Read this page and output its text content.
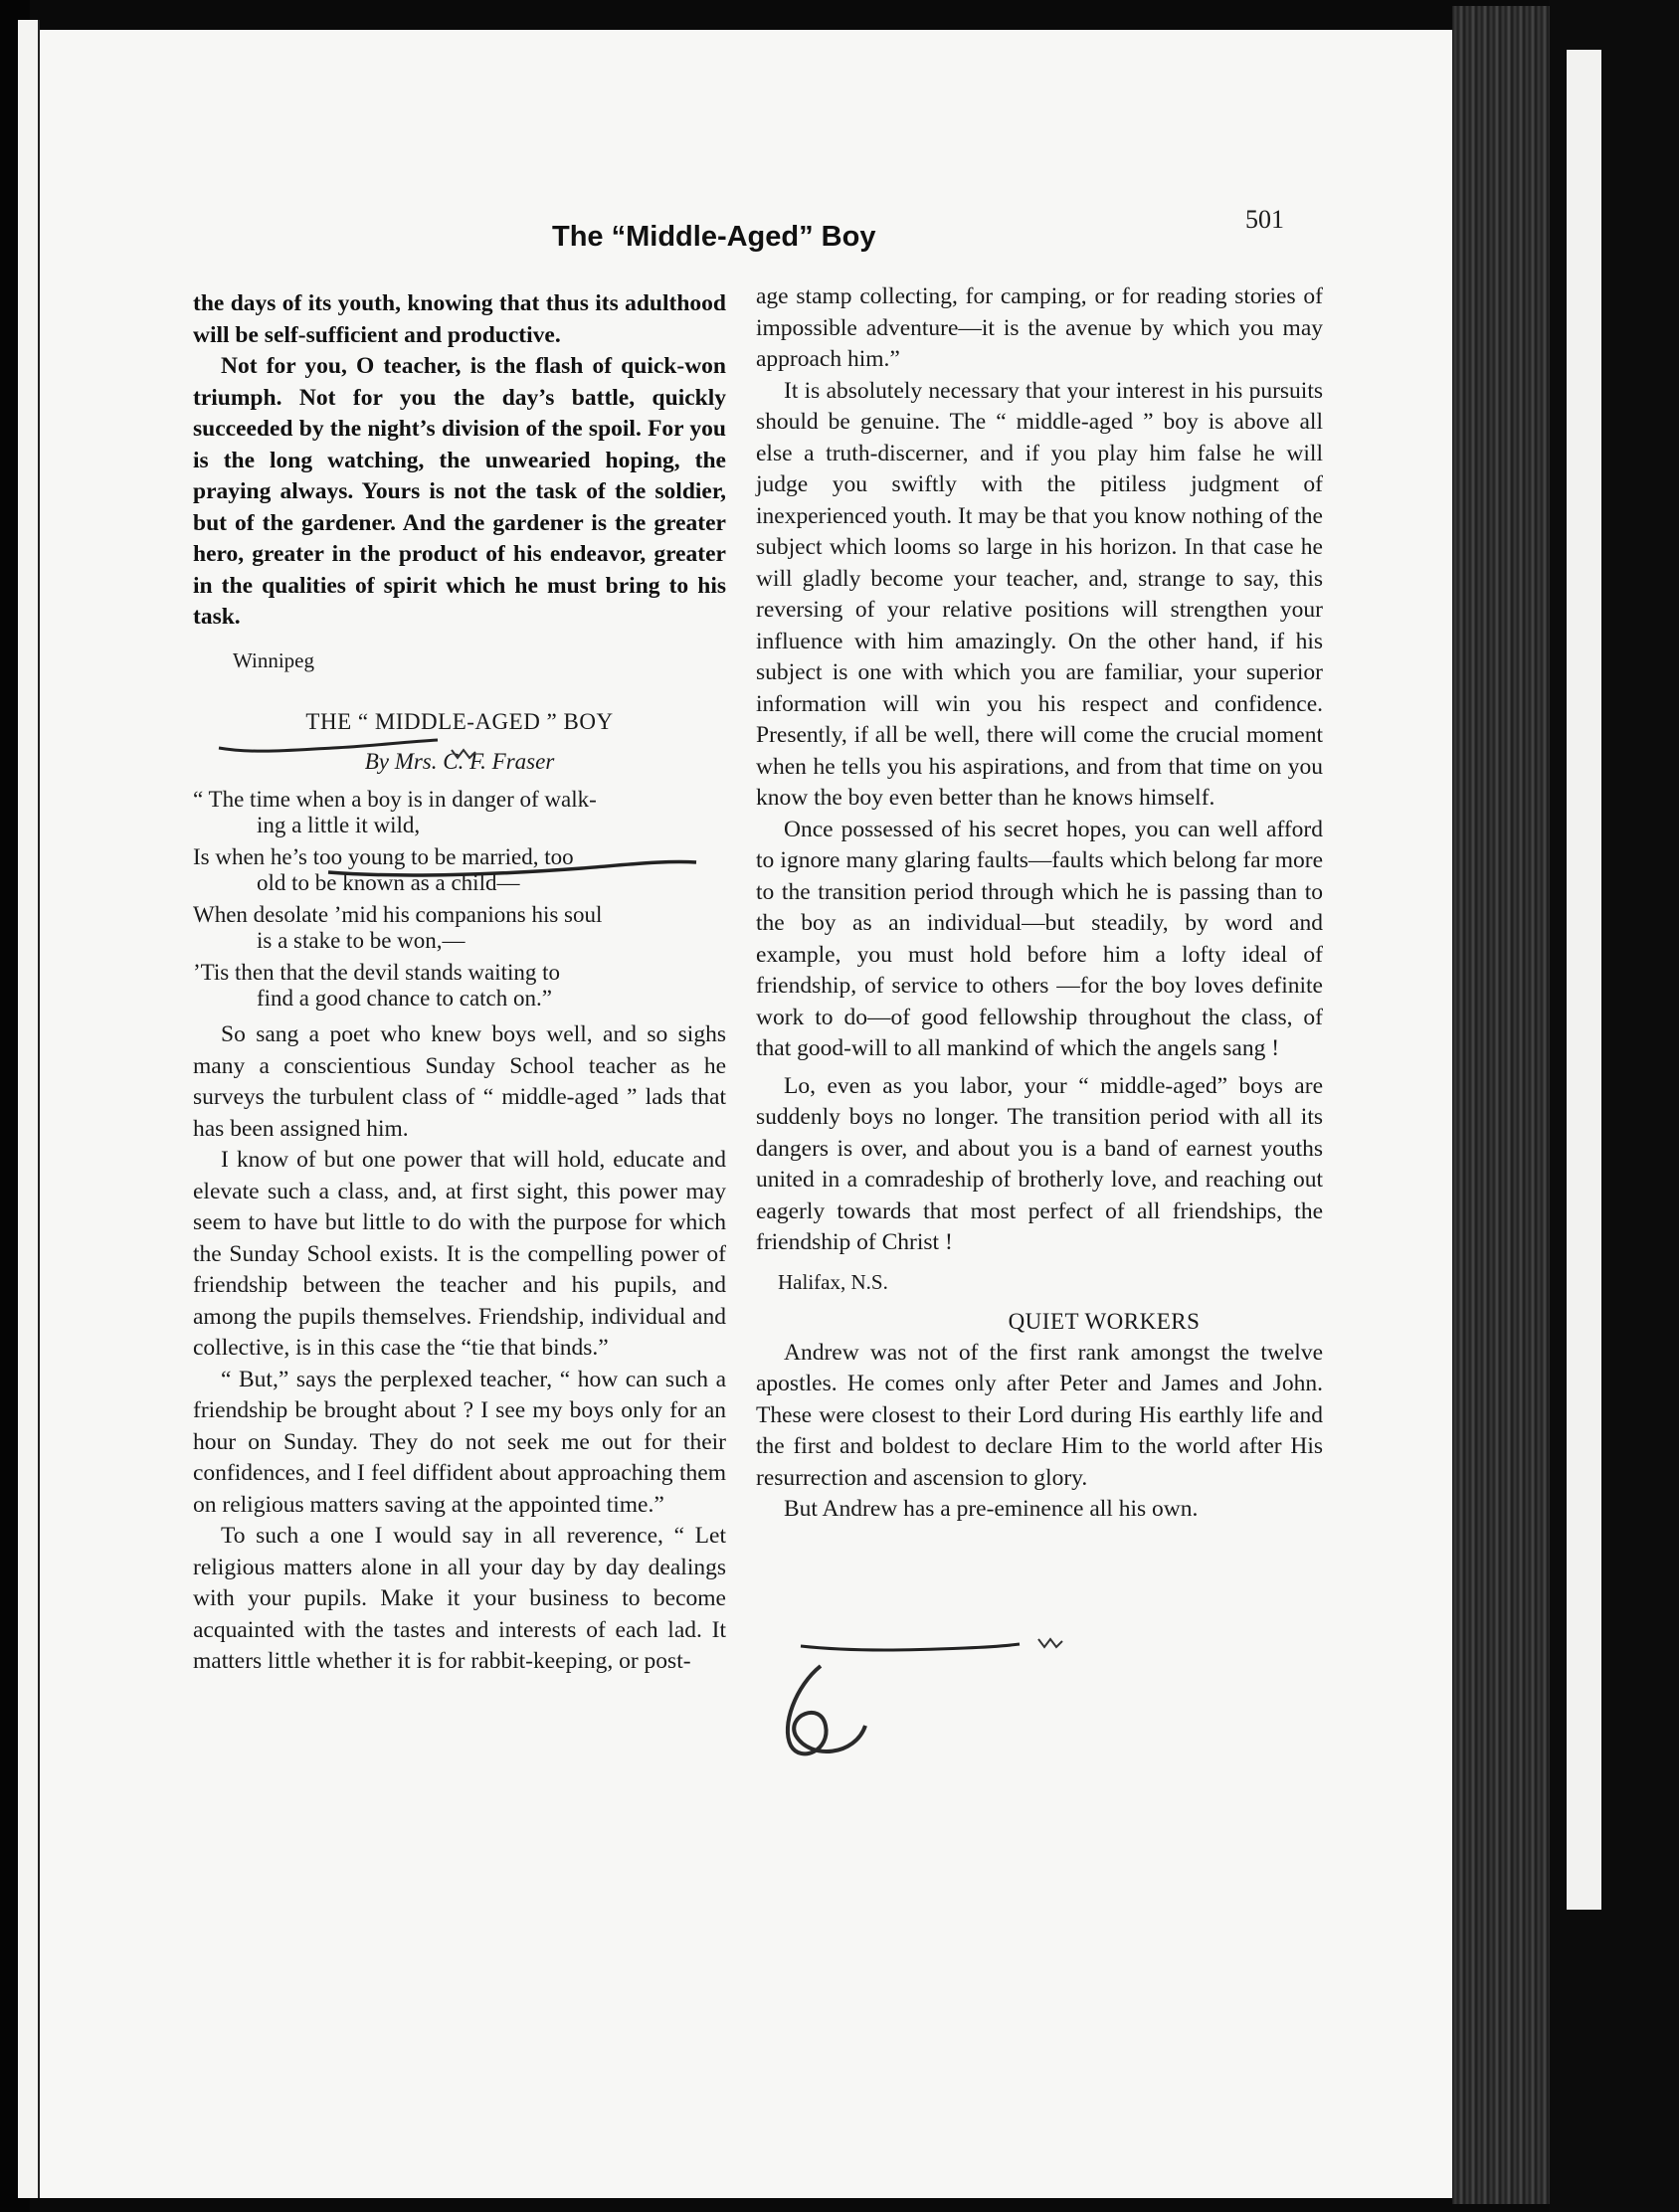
The “Middle-Aged” Boy
501

the days of its youth, knowing that thus its adulthood will be self-sufficient and productive.

Not for you, O teacher, is the flash of quick-won triumph. Not for you the day’s battle, quickly succeeded by the night’s division of the spoil. For you is the long watching, the unwearied hoping, the praying always. Yours is not the task of the soldier, but of the gardener. And the gardener is the greater hero, greater in the product of his endeavor, greater in the qualities of spirit which he must bring to his task.

Winnipeg

THE “ MIDDLE-AGED ” BOY

By Mrs. C. F. Fraser

“ The time when a boy is in danger of walk-
ing a little it wild,

Is when he’s too young to be married, too
old to be known as a child—

When desolate ’mid his companions his soul
is a stake to be won,—

’Tis then that the devil stands waiting to
find a good chance to catch on.”

So sang a poet who knew boys well, and so sighs many a conscientious Sunday School teacher as he surveys the turbulent class of “ middle-aged ” lads that has been assigned him.

I know of but one power that will hold, educate and elevate such a class, and, at first sight, this power may seem to have but little to do with the purpose for which the Sunday School exists. It is the compelling power of friendship between the teacher and his pupils, and among the pupils themselves. Friendship, individual and collective, is in this case the “tie that binds.”

“ But,” says the perplexed teacher, “ how can such a friendship be brought about ? I see my boys only for an hour on Sunday. They do not seek me out for their confidences, and I feel diffident about approaching them on religious matters saving at the appointed time.”

To such a one I would say in all reverence, “ Let religious matters alone in all your day by day dealings with your pupils. Make it your business to become acquainted with the tastes and interests of each lad. It matters little whether it is for rabbit-keeping, or post-

age stamp collecting, for camping, or for reading stories of impossible adventure—it is the avenue by which you may approach him.”

It is absolutely necessary that your interest in his pursuits should be genuine. The “ middle-aged ” boy is above all else a truth-discerner, and if you play him false he will judge you swiftly with the pitiless judgment of inexperienced youth. It may be that you know nothing of the subject which looms so large in his horizon. In that case he will gladly become your teacher, and, strange to say, this reversing of your relative positions will strengthen your influence with him amazingly. On the other hand, if his subject is one with which you are familiar, your superior information will win you his respect and confidence. Presently, if all be well, there will come the crucial moment when he tells you his aspirations, and from that time on you know the boy even better than he knows himself.

Once possessed of his secret hopes, you can well afford to ignore many glaring faults—faults which belong far more to the transition period through which he is passing than to the boy as an individual—but steadily, by word and example, you must hold before him a lofty ideal of friendship, of service to others —for the boy loves definite work to do—of good fellowship throughout the class, of that good-will to all mankind of which the angels sang !

Lo, even as you labor, your “ middle-aged” boys are suddenly boys no longer. The transition period with all its dangers is over, and about you is a band of earnest youths united in a comradeship of brotherly love, and reaching out eagerly towards that most perfect of all friendships, the friendship of Christ !

Halifax, N.S.

QUIET WORKERS

Andrew was not of the first rank amongst the twelve apostles. He comes only after Peter and James and John. These were closest to their Lord during His earthly life and the first and boldest to declare Him to the world after His resurrection and ascension to glory.

But Andrew has a pre-eminence all his own.
